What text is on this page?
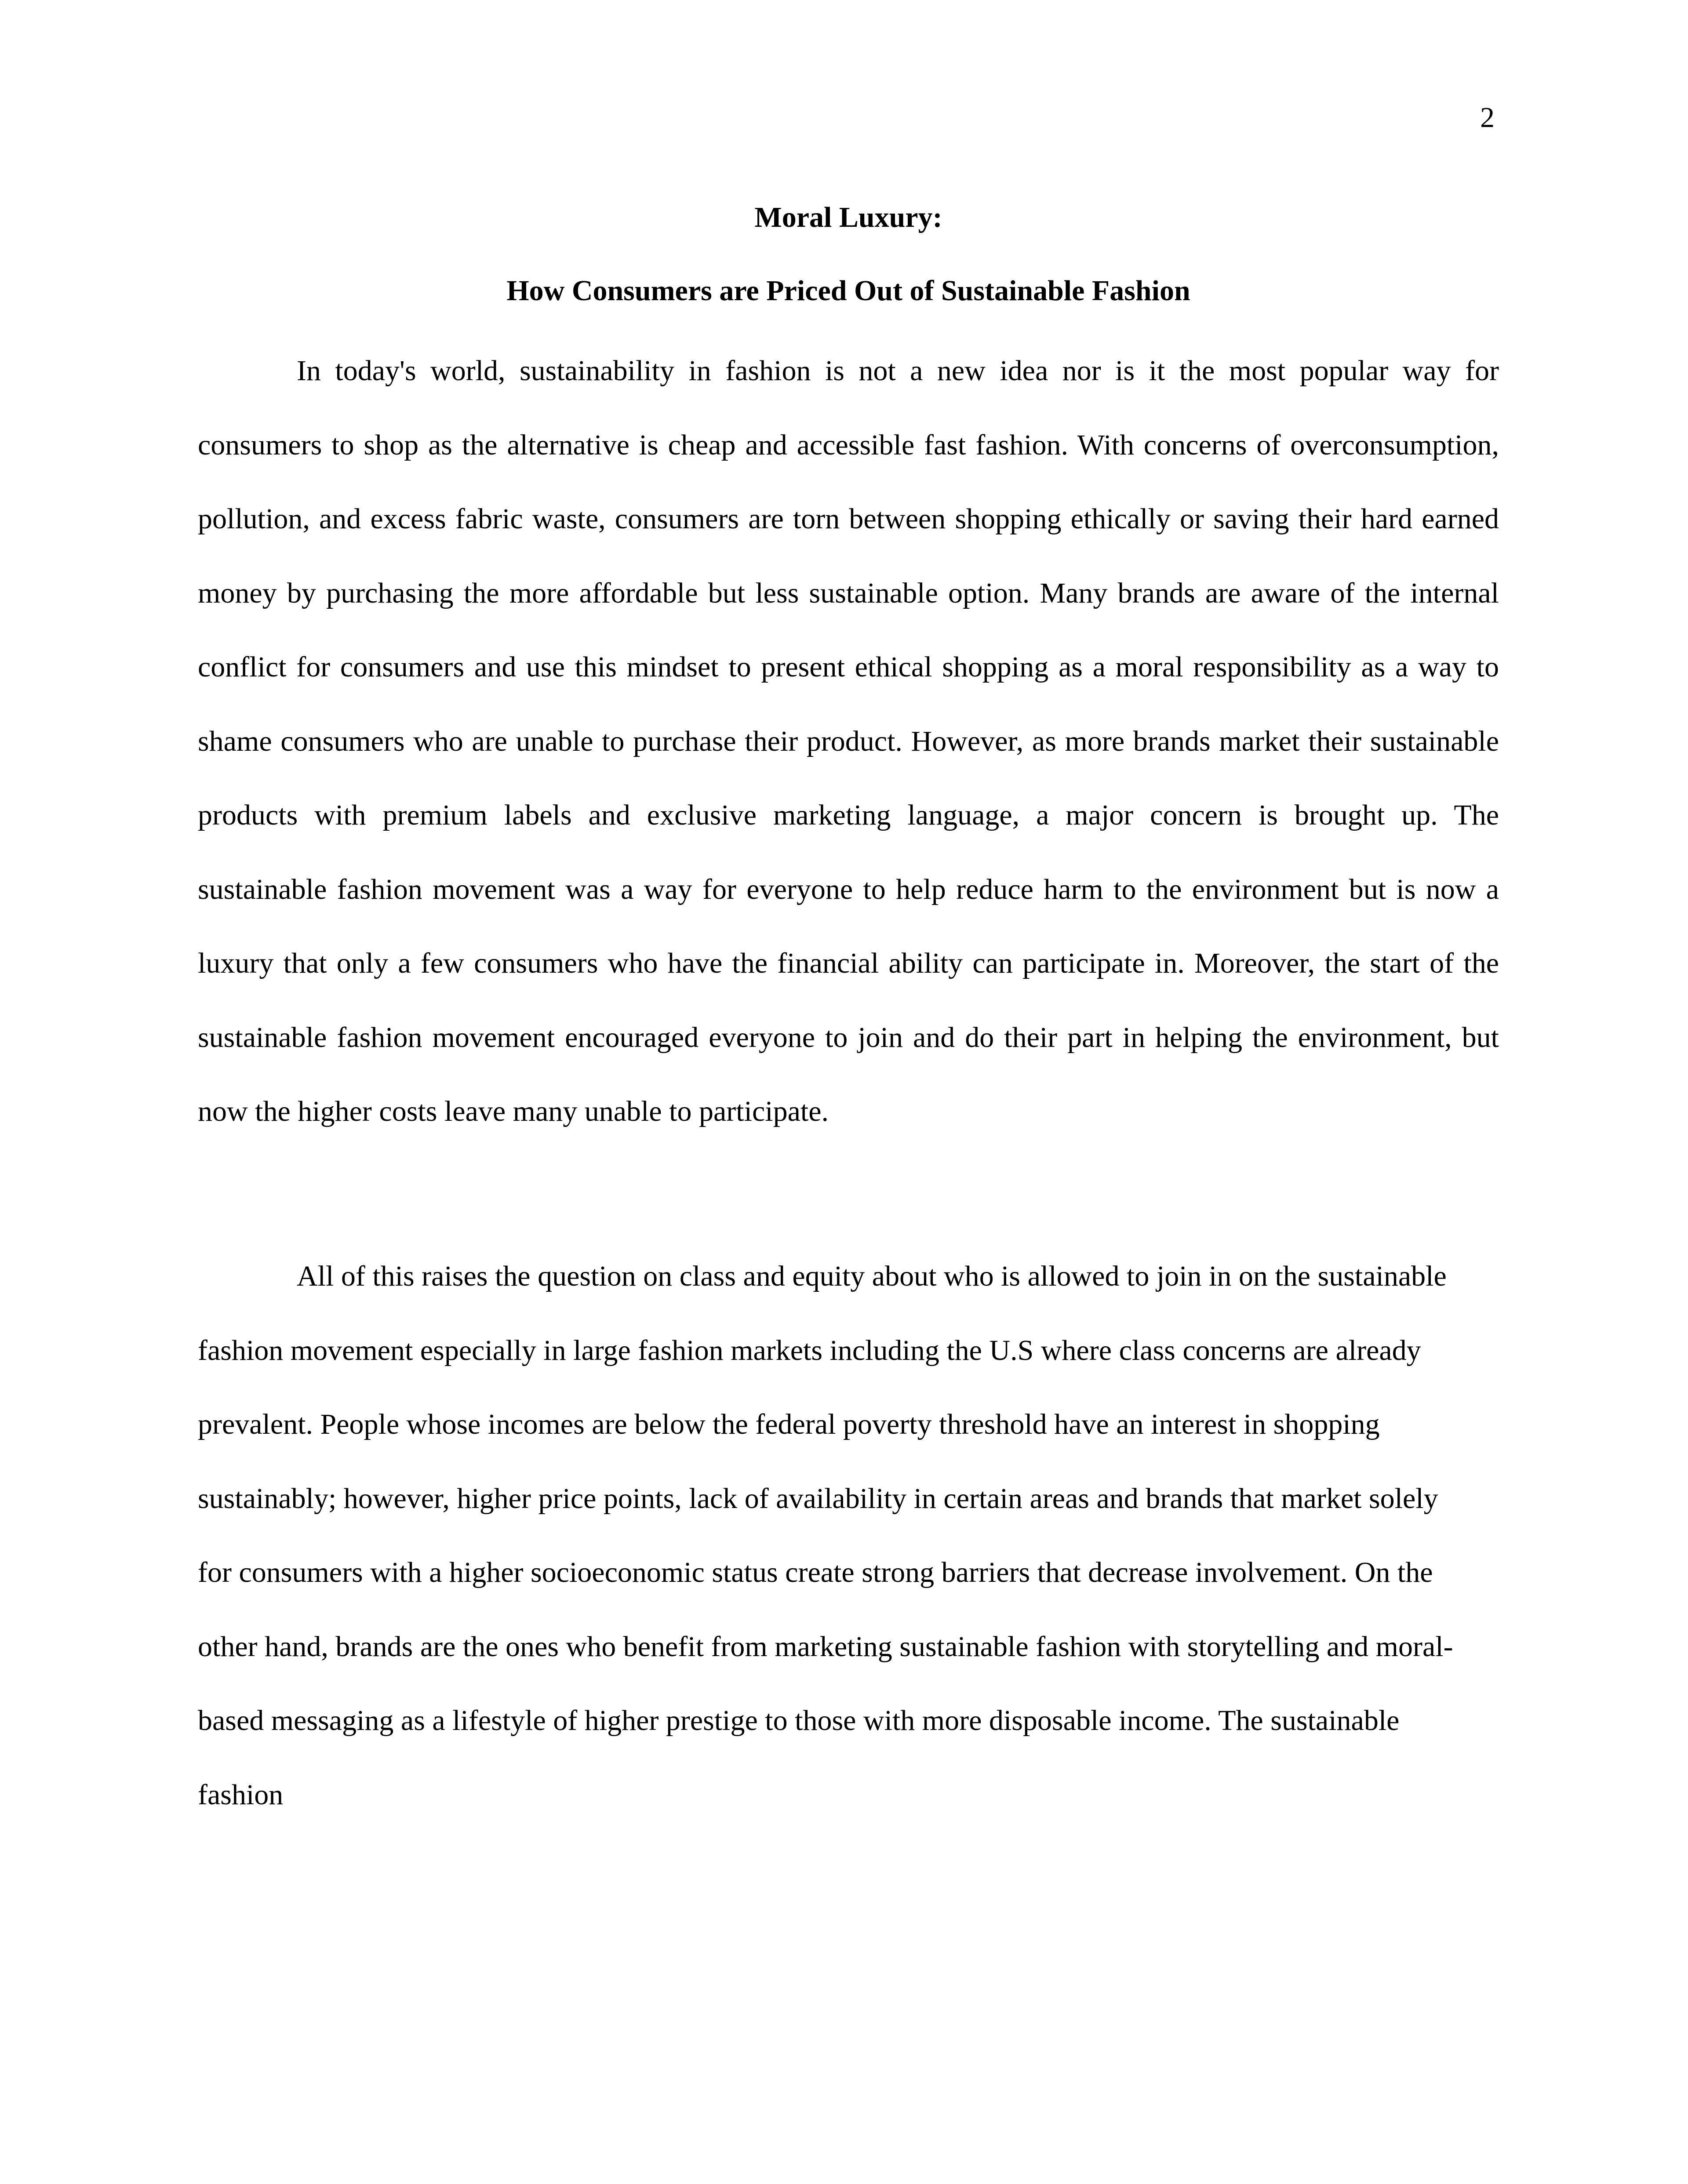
2
Moral Luxury:
How Consumers are Priced Out of Sustainable Fashion

In today's world, sustainability in fashion is not a new idea nor is it the most popular way for consumers to shop as the alternative is cheap and accessible fast fashion. With concerns of overconsumption, pollution, and excess fabric waste, consumers are torn between shopping ethically or saving their hard earned money by purchasing the more affordable but less sustainable option. Many brands are aware of the internal conflict for consumers and use this mindset to present ethical shopping as a moral responsibility as a way to shame consumers who are unable to purchase their product. However, as more brands market their sustainable products with premium labels and exclusive marketing language, a major concern is brought up. The sustainable fashion movement was a way for everyone to help reduce harm to the environment but is now a luxury that only a few consumers who have the financial ability can participate in. Moreover, the start of the sustainable fashion movement encouraged everyone to join and do their part in helping the environment, but now the higher costs leave many unable to participate.

All of this raises the question on class and equity about who is allowed to join in on the sustainable fashion movement especially in large fashion markets including the U.S where class concerns are already prevalent. People whose incomes are below the federal poverty threshold have an interest in shopping sustainably; however, higher price points, lack of availability in certain areas and brands that market solely for consumers with a higher socioeconomic status create strong barriers that decrease involvement. On the other hand, brands are the ones who benefit from marketing sustainable fashion with storytelling and moral-based messaging as a lifestyle of higher prestige to those with more disposable income. The sustainable fashion
